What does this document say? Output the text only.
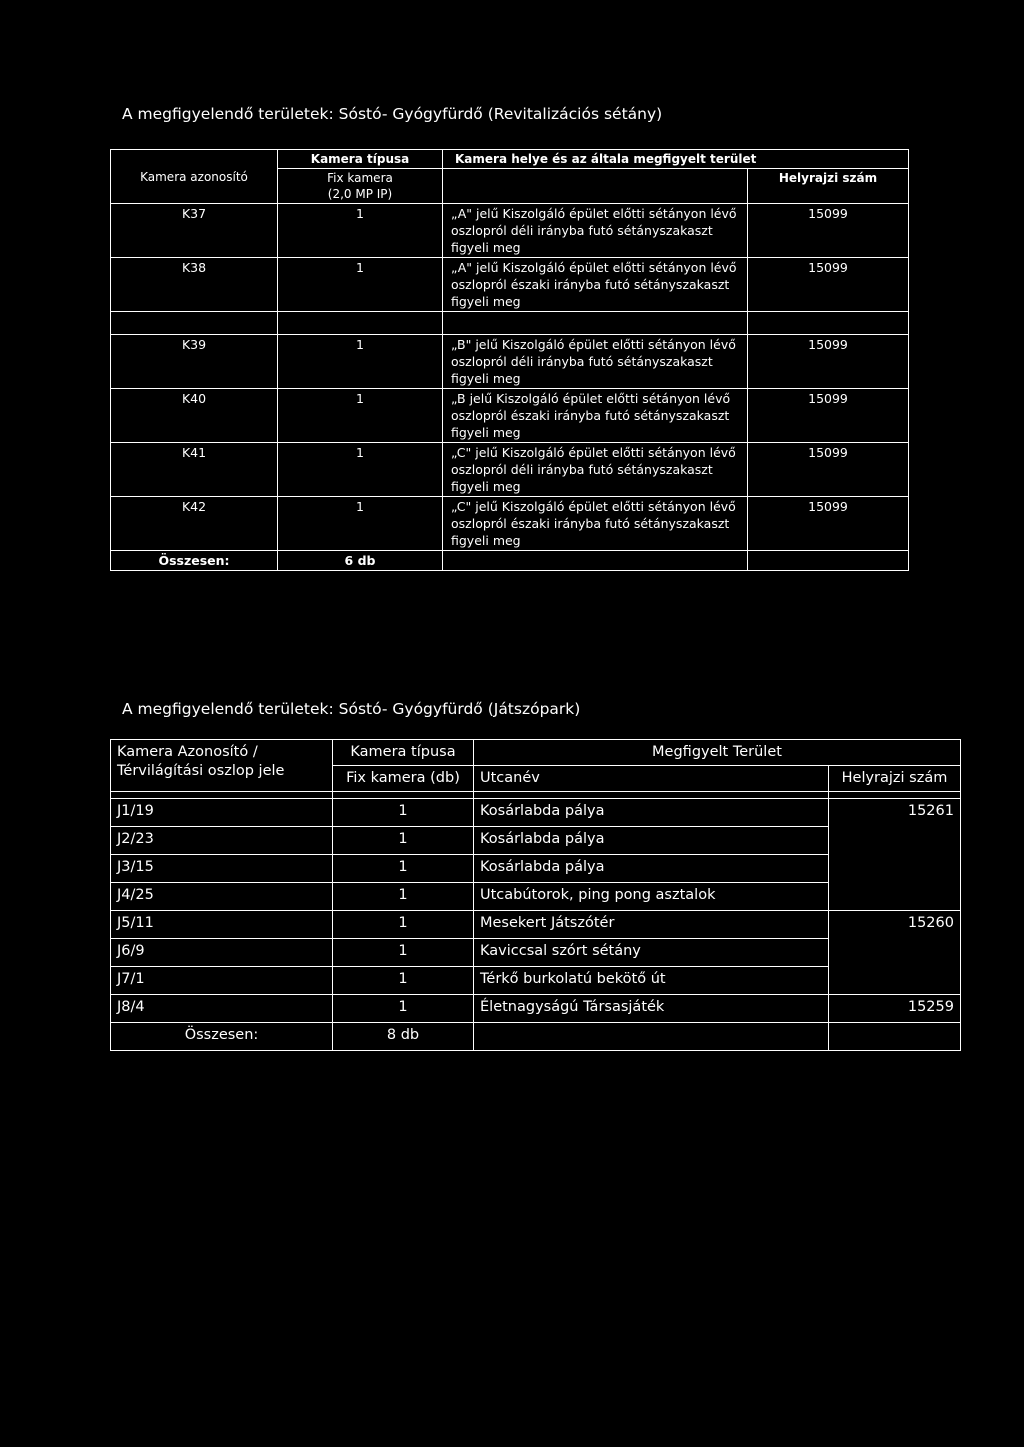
A megfigyelendő területek: Sóstó- Gyógyfürdő (Revitalizációs sétány)
Kamera azonosító	Kamera típusa	Kamera helye és az általa megfigyelt terület	

	Fix kamera
(2,0 MP IP)		Helyrajzi szám
K37	1	„A" jelű Kiszolgáló épület előtti sétányon lévő
oszlopról déli irányba futó sétányszakaszt
figyeli meg	15099
K38	1	„A" jelű Kiszolgáló épület előtti sétányon lévő
oszlopról északi irányba futó sétányszakaszt
figyeli meg	15099

K39	1	„B" jelű Kiszolgáló épület előtti sétányon lévő
oszlopról déli irányba futó sétányszakaszt
figyeli meg	15099
K40	1	„B jelű Kiszolgáló épület előtti sétányon lévő
oszlopról északi irányba futó sétányszakaszt
figyeli meg	15099
K41	1	„C" jelű Kiszolgáló épület előtti sétányon lévő
oszlopról déli irányba futó sétányszakaszt
figyeli meg	15099
K42	1	„C" jelű Kiszolgáló épület előtti sétányon lévő
oszlopról északi irányba futó sétányszakaszt
figyeli meg	15099
Összesen:	6 db		
A megfigyelendő területek: Sóstó- Gyógyfürdő (Játszópark)
Kamera Azonosító /
Térvilágítási oszlop jele	Kamera típusa	Megfigyelt Terület	
	Fix kamera (db)	Utcanév	Helyrajzi szám

J1/19	1	Kosárlabda pálya	15261
J2/23	1	Kosárlabda pálya	
J3/15	1	Kosárlabda pálya	
J4/25	1	Utcabútorok, ping pong asztalok	
J5/11	1	Mesekert Játszótér	15260
J6/9	1	Kaviccsal szórt sétány	
J7/1	1	Térkő burkolatú bekötő út	
J8/4	1	Életnagyságú Társasjáték	15259
Összesen:	8 db		
